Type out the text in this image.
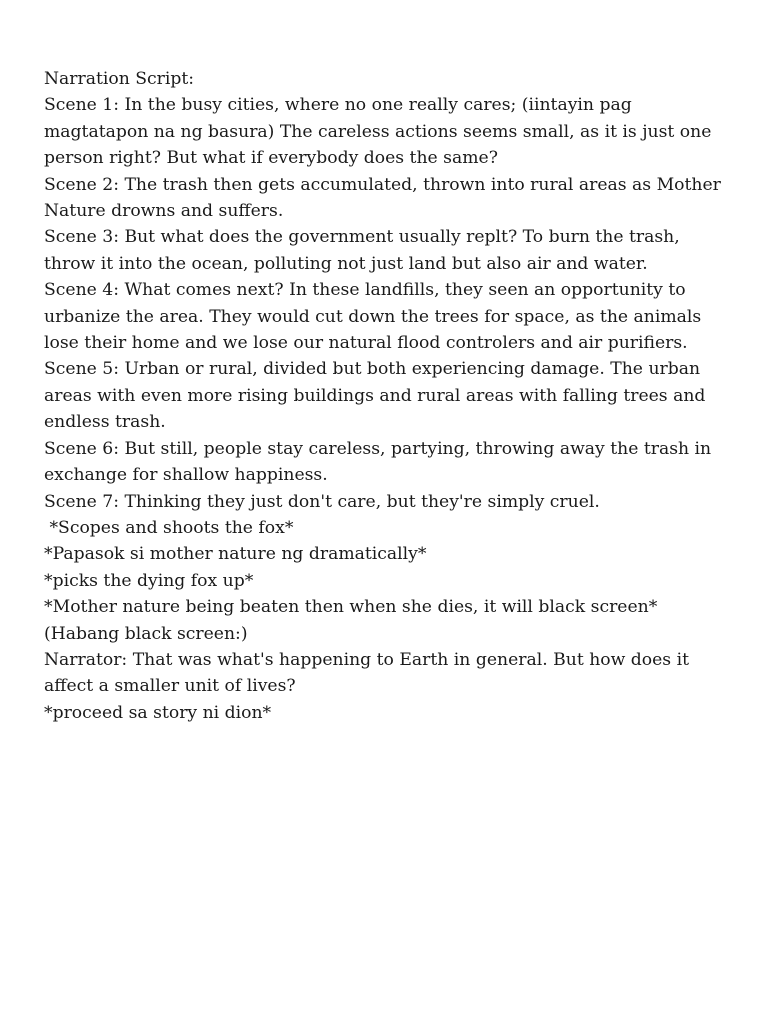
Narration Script:
Scene 1: In the busy cities, where no one really cares; (iintayin pag magtatapon na ng basura) The careless actions seems small, as it is just one person right? But what if everybody does the same?
Scene 2: The trash then gets accumulated, thrown into rural areas as Mother Nature drowns and suffers.
Scene 3: But what does the government usually replt? To burn the trash, throw it into the ocean, polluting not just land but also air and water.
Scene 4: What comes next? In these landfills, they seen an opportunity to urbanize the area. They would cut down the trees for space, as the animals lose their home and we lose our natural flood controlers and air purifiers.
Scene 5: Urban or rural, divided but both experiencing damage. The urban areas with even more rising buildings and rural areas with falling trees and endless trash.
Scene 6: But still, people stay careless, partying, throwing away the trash in exchange for shallow happiness.
Scene 7: Thinking they just don't care, but they're simply cruel.
*Scopes and shoots the fox*
*Papasok si mother nature ng dramatically*
*picks the dying fox up*
*Mother nature being beaten then when she dies, it will black screen*
(Habang black screen:)
Narrator: That was what's happening to Earth in general. But how does it affect a smaller unit of lives?
*proceed sa story ni dion*
